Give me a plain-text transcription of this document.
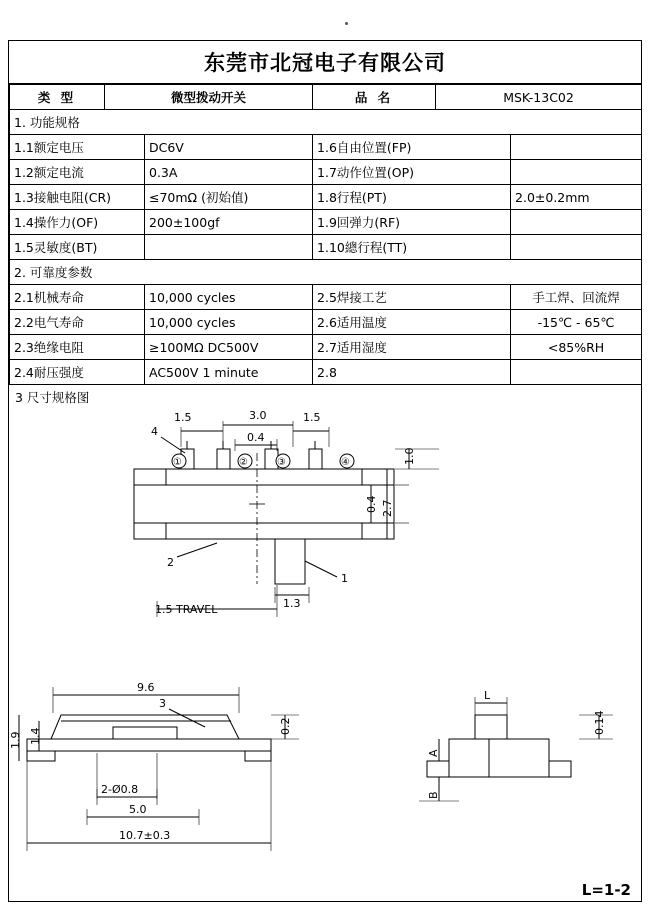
东莞市北冠电子有限公司
类 型	微型拨动开关		品 名	MSK-13C02	
1. 功能规格					
1.1额定电压		DC6V	1.6自由位置(FP)		
1.2额定电流		0.3A	1.7动作位置(OP)		
1.3接触电阻(CR)		≤70mΩ (初始值)	1.8行程(PT)		2.0±0.2mm
1.4操作力(OF)		200±100gf	1.9回弹力(RF)		
1.5灵敏度(BT)			1.10總行程(TT)		
2. 可靠度参数					
2.1机械寿命		10,000 cycles	2.5焊接工艺		手工焊、回流焊
2.2电气寿命		10,000 cycles	2.6适用温度		-15℃ - 65℃
2.3绝缘电阻		≥100MΩ DC500V	2.7适用湿度		<85%RH
2.4耐压强度		AC500V 1 minute	2.8		
3 尺寸规格图
1.5	3.0	1.5
0.4
4
2
1
1.5 TRAVEL	1.3
①	②	③	④	1.0
0.4 2.7
9.6
3
0.2
1.9 1.4
2-Ø0.8
5.0
10.7±0.3
L
0.14
A
B
L=1-2
